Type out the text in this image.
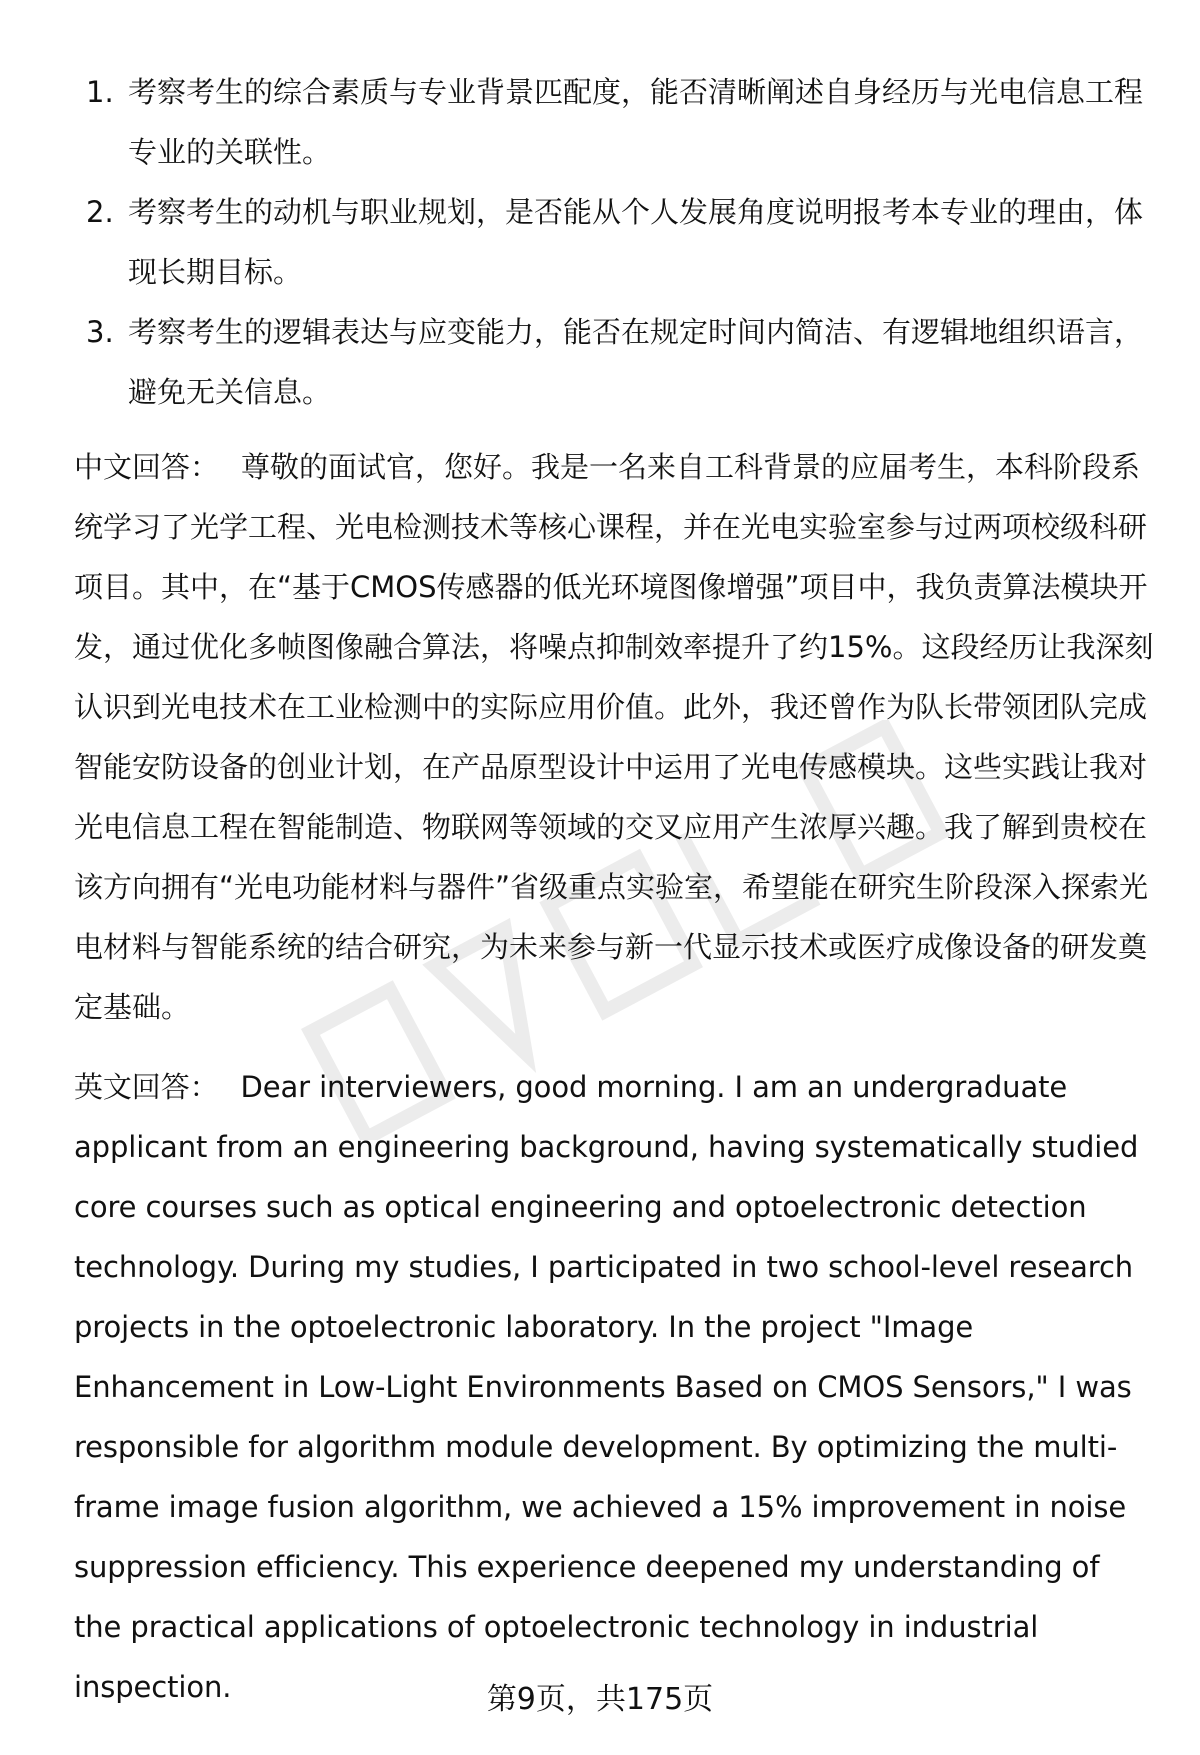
1. 考察考生的综合素质与专业背景匹配度，能否清晰阐述自身经历与光电信息工程专业的关联性。
2. 考察考生的动机与职业规划，是否能从个人发展角度说明报考本专业的理由，体现长期目标。
3. 考察考生的逻辑表达与应变能力，能否在规定时间内简洁、有逻辑地组织语言，避免无关信息。

中文回答： 尊敬的面试官，您好。我是一名来自工科背景的应届考生，本科阶段系统学习了光学工程、光电检测技术等核心课程，并在光电实验室参与过两项校级科研项目。其中，在“基于CMOS传感器的低光环境图像增强”项目中，我负责算法模块开发，通过优化多帧图像融合算法，将噪点抑制效率提升了约15%。这段经历让我深刻认识到光电技术在工业检测中的实际应用价值。此外，我还曾作为队长带领团队完成智能安防设备的创业计划，在产品原型设计中运用了光电传感模块。这些实践让我对光电信息工程在智能制造、物联网等领域的交叉应用产生浓厚兴趣。我了解到贵校在该方向拥有“光电功能材料与器件”省级重点实验室，希望能在研究生阶段深入探索光电材料与智能系统的结合研究，为未来参与新一代显示技术或医疗成像设备的研发奠定基础。

英文回答： Dear interviewers, good morning. I am an undergraduate applicant from an engineering background, having systematically studied core courses such as optical engineering and optoelectronic detection technology. During my studies, I participated in two school-level research projects in the optoelectronic laboratory. In the project "Image Enhancement in Low-Light Environments Based on CMOS Sensors," I was responsible for algorithm module development. By optimizing the multi-frame image fusion algorithm, we achieved a 15% improvement in noise suppression efficiency. This experience deepened my understanding of the practical applications of optoelectronic technology in industrial inspection.	第9页，共175页
